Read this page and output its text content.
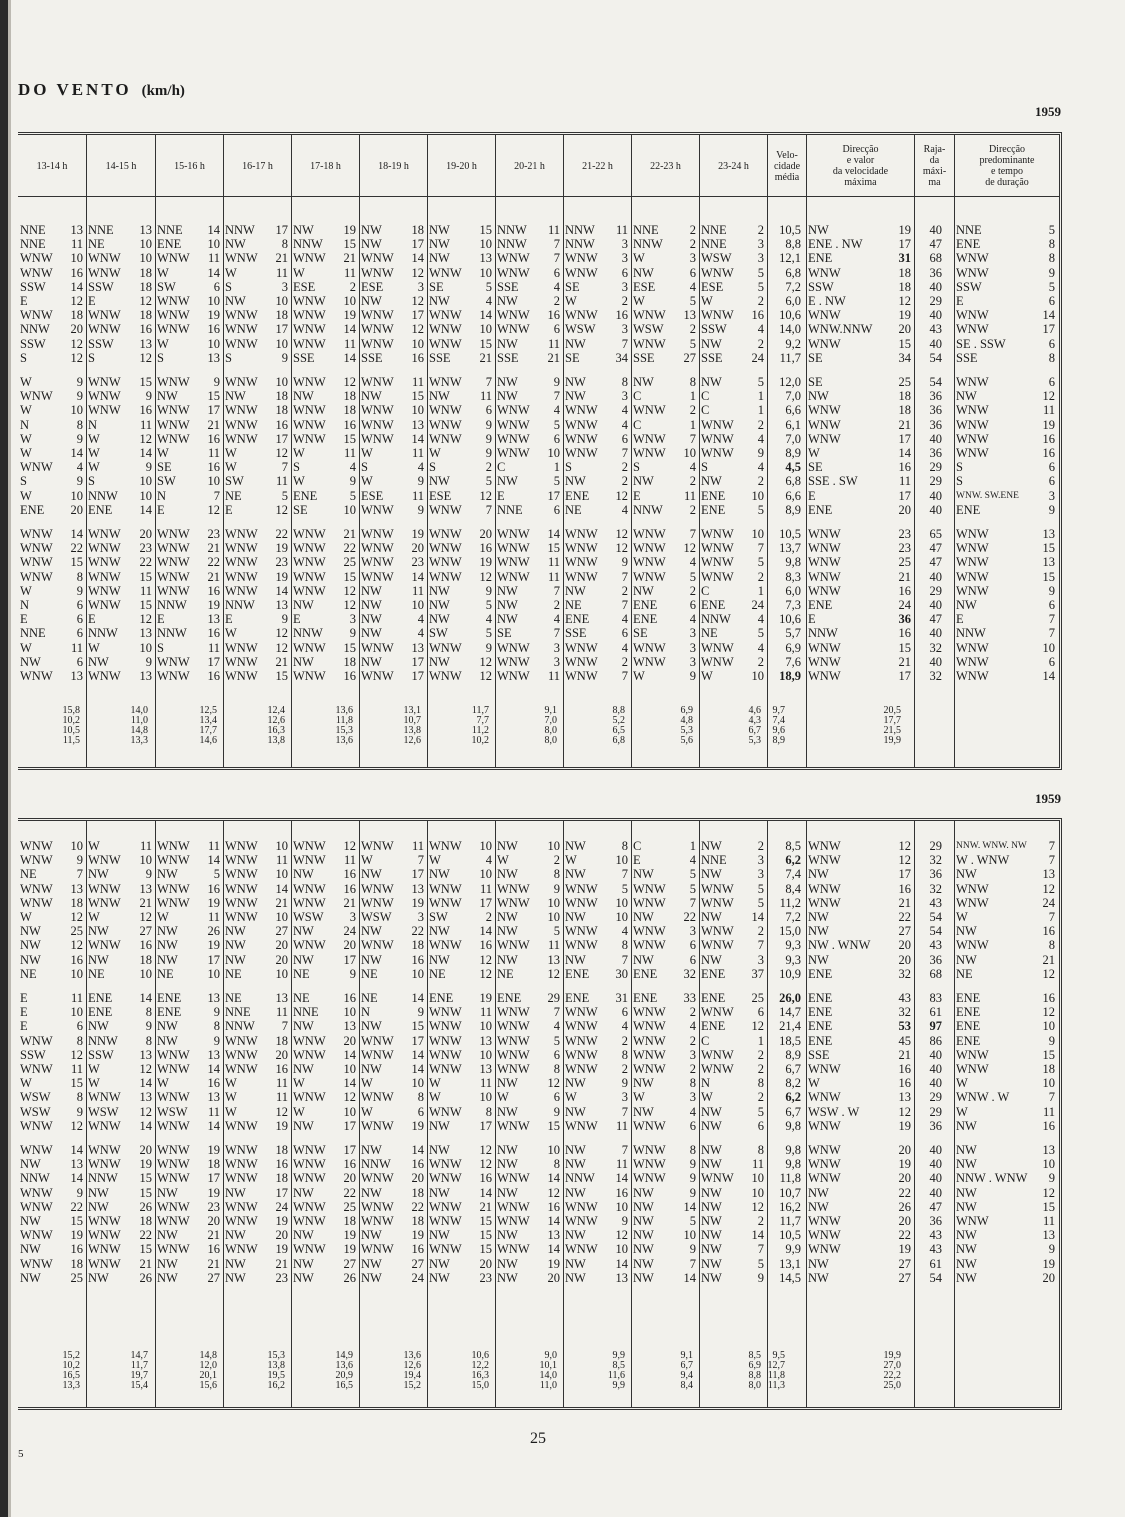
DO VENTO (km/h)
1959
1959
13-14 h	14-15 h	15-16 h	16-17 h	17-18 h	18-19 h	19-20 h	20-21 h	21-22 h	22-23 h	23-24 h
Velo-
cidade
média
Direcção
e valor
da velocidade
máxima
Raja-
da
máxi-
ma
Direcção
predominante
e tempo
de duração
NNE	13 NNE	13 NNE	14 NNW	17 NW	19 NW	18 NW	15 NNW	11 NNW	11 NNE	2 NNE	2	10,5 NW	19	40 NNE	5
NNE	11 NE	10 ENE	10 NW	8 NNW	15 NW	17 NW	10 NNW	7 NNW	3 NNW	2 NNE	3	8,8 ENE . NW	17	47 ENE	8
WNW	10 WNW	10 WNW	11 WNW	21 WNW	21 WNW	14 NW	13 WNW	7 WNW	3 W	3 WSW	3	12,1 ENE	31	68 WNW	8
WNW	16 WNW	18 W	14 W	11 W	11 WNW	12 WNW	10 WNW	6 WNW	6 NW	6 WNW	5	6,8 WNW	18	36 WNW	9
SSW	14 SSW	18 SW	6 S	3 ESE	2 ESE	3 SE	5 SSE	4 SE	3 ESE	4 ESE	5	7,2 SSW	18	40 SSW	5
E	12 E	12 WNW	10 NW	10 WNW	10 NW	12 NW	4 NW	2 W	2 W	5 W	2	6,0 E . NW	12	29 E	6
WNW	18 WNW	18 WNW	19 WNW	18 WNW	19 WNW	17 WNW	14 WNW	16 WNW	16 WNW	13 WNW	16	10,6 WNW	19	40 WNW	14
NNW	20 WNW	16 WNW	16 WNW	17 WNW	14 WNW	12 WNW	10 WNW	6 WSW	3 WSW	2 SSW	4	14,0 WNW.NNW	20	43 WNW	17
SSW	12 SSW	13 W	10 WNW	10 WNW	11 WNW	10 WNW	15 NW	11 NW	7 WNW	5 NW	2	9,2 WNW	15	40 SE . SSW	6
S	12 S	12 S	13 S	9 SSE	14 SSE	16 SSE	21 SSE	21 SE	34 SSE	27 SSE	24	11,7 SE	34	54 SSE	8
W	9 WNW	15 WNW	9 WNW	10 WNW	12 WNW	11 WNW	7 NW	9 NW	8 NW	8 NW	5	12,0 SE	25	54 WNW	6
WNW	9 WNW	9 NW	15 NW	18 NW	18 NW	15 NW	11 NW	7 NW	3 C	1 C	1	7,0 NW	18	36 NW	12
W	10 WNW	16 WNW	17 WNW	18 WNW	18 WNW	10 WNW	6 WNW	4 WNW	4 WNW	2 C	1	6,6 WNW	18	36 WNW	11
N	8 N	11 WNW	21 WNW	16 WNW	16 WNW	13 WNW	9 WNW	5 WNW	4 C	1 WNW	2	6,1 WNW	21	36 WNW	19
W	9 W	12 WNW	16 WNW	17 WNW	15 WNW	14 WNW	9 WNW	6 WNW	6 WNW	7 WNW	4	7,0 WNW	17	40 WNW	16
W	14 W	14 W	11 W	12 W	11 W	11 W	9 WNW	10 WNW	7 WNW	10 WNW	9	8,9 W	14	36 WNW	16
WNW	4 W	9 SE	16 W	7 S	4 S	4 S	2 C	1 S	2 S	4 S	4	4,5 SE	16	29 S	6
S	9 S	10 SW	10 SW	11 W	9 W	9 NW	5 NW	5 NW	2 NW	2 NW	2	6,8 SSE . SW	11	29 S	6
W	10 NNW	10 N	7 NE	5 ENE	5 ESE	11 ESE	12 E	17 ENE	12 E	11 ENE	10	6,6 E	17	40 WNW. SW.ENE	3
ENE	20 ENE	14 E	12 E	12 SE	10 WNW	9 WNW	7 NNE	6 NE	4 NNW	2 ENE	5	8,9 ENE	20	40 ENE	9
WNW	14 WNW	20 WNW	23 WNW	22 WNW	21 WNW	19 WNW	20 WNW	14 WNW	12 WNW	7 WNW	10	10,5 WNW	23	65 WNW	13
WNW	22 WNW	23 WNW	21 WNW	19 WNW	22 WNW	20 WNW	16 WNW	15 WNW	12 WNW	12 WNW	7	13,7 WNW	23	47 WNW	15
WNW	15 WNW	22 WNW	22 WNW	23 WNW	25 WNW	23 WNW	19 WNW	11 WNW	9 WNW	4 WNW	5	9,8 WNW	25	47 WNW	13
WNW	8 WNW	15 WNW	21 WNW	19 WNW	15 WNW	14 WNW	12 WNW	11 WNW	7 WNW	5 WNW	2	8,3 WNW	21	40 WNW	15
W	9 WNW	11 WNW	16 WNW	14 WNW	12 NW	11 NW	9 NW	7 NW	2 NW	2 C	1	6,0 WNW	16	29 WNW	9
N	6 WNW	15 NNW	19 NNW	13 NW	12 NW	10 NW	5 NW	2 NE	7 ENE	6 ENE	24	7,3 ENE	24	40 NW	6
E	6 E	12 E	13 E	9 E	3 NW	4 NW	4 NW	4 ENE	4 ENE	4 NNW	4	10,6 E	36	47 E	7
NNE	6 NNW	13 NNW	16 W	12 NNW	9 NW	4 SW	5 SE	7 SSE	6 SE	3 NE	5	5,7 NNW	16	40 NNW	7
W	11 W	10 S	11 WNW	12 WNW	15 WNW	13 WNW	9 WNW	3 WNW	4 WNW	3 WNW	4	6,9 WNW	15	32 WNW	10
NW	6 NW	9 WNW	17 WNW	21 NW	18 NW	17 NW	12 WNW	3 WNW	2 WNW	3 WNW	2	7,6 WNW	21	40 WNW	6
WNW	13 WNW	13 WNW	16 WNW	15 WNW	16 WNW	17 WNW	12 WNW	11 WNW	7 W	9 W	10	18,9 WNW	17	32 WNW	14
15,8	14,0	12,5	12,4	13,6	13,1	11,7	9,1	8,8	6,9	4,6	9,7	20,5
10,2	11,0	13,4	12,6	11,8	10,7	7,7	7,0	5,2	4,8	4,3	7,4	17,7
10,5	14,8	17,7	16,3	15,3	13,8	11,2	8,0	6,5	5,3	6,7	9,6	21,5
11,5	13,3	14,6	13,8	13,6	12,6	10,2	8,0	6,8	5,6	5,3	8,9	19,9
WNW	10 W	11 WNW	11 WNW	10 WNW	12 WNW	11 WNW	10 NW	10 NW	8 C	1 NW	2	8,5 WNW	12	29 NNW. WNW. NW	7
WNW	9 WNW	10 WNW	14 WNW	11 WNW	11 W	7 W	4 W	2 W	10 E	4 NNE	3	6,2 WNW	12	32 W . WNW	7
NE	7 NW	9 NW	5 WNW	10 NW	16 NW	17 NW	10 NW	8 NW	7 NW	5 NW	3	7,4 NW	17	36 NW	13
WNW	13 WNW	13 WNW	16 WNW	14 WNW	16 WNW	13 WNW	11 WNW	9 WNW	5 WNW	5 WNW	5	8,4 WNW	16	32 WNW	12
WNW	18 WNW	21 WNW	19 WNW	21 WNW	21 WNW	19 WNW	17 WNW	10 WNW	10 WNW	7 WNW	5	11,2 WNW	21	43 WNW	24
W	12 W	12 W	11 WNW	10 WSW	3 WSW	3 SW	2 NW	10 NW	10 NW	22 NW	14	7,2 NW	22	54 W	7
NW	25 NW	27 NW	26 NW	27 NW	24 NW	22 NW	14 NW	5 WNW	4 WNW	3 WNW	2	15,0 NW	27	54 NW	16
NW	12 WNW	16 NW	19 NW	20 WNW	20 WNW	18 WNW	16 WNW	11 WNW	8 WNW	6 WNW	7	9,3 NW . WNW	20	43 WNW	8
NW	16 NW	18 NW	17 NW	20 NW	17 NW	16 NW	12 NW	13 NW	7 NW	6 NW	3	9,3 NW	20	36 NW	21
NE	10 NE	10 NE	10 NE	10 NE	9 NE	10 NE	12 NE	12 ENE	30 ENE	32 ENE	37	10,9 ENE	32	68 NE	12
E	11 ENE	14 ENE	13 NE	13 NE	16 NE	14 ENE	19 ENE	29 ENE	31 ENE	33 ENE	25	26,0 ENE	43	83 ENE	16
E	10 ENE	8 ENE	9 NNE	11 NNE	10 N	9 WNW	11 WNW	7 WNW	6 WNW	2 WNW	6	14,7 ENE	32	61 ENE	12
E	6 NW	9 NW	8 NNW	7 NW	13 NW	15 WNW	10 WNW	4 WNW	4 WNW	4 ENE	12	21,4 ENE	53	97 ENE	10
WNW	8 NNW	8 NW	9 WNW	18 WNW	20 WNW	17 WNW	13 WNW	5 WNW	2 WNW	2 C	1	18,5 ENE	45	86 ENE	9
SSW	12 SSW	13 WNW	13 WNW	20 WNW	14 WNW	14 WNW	10 WNW	6 WNW	8 WNW	3 WNW	2	8,9 SSE	21	40 WNW	15
WNW	11 W	12 WNW	14 WNW	16 NW	10 NW	14 WNW	13 WNW	8 WNW	2 WNW	2 WNW	2	6,7 WNW	16	40 WNW	18
W	15 W	14 W	16 W	11 W	14 W	10 W	11 NW	12 NW	9 NW	8 N	8	8,2 W	16	40 W	10
WSW	8 WNW	13 WNW	13 W	11 WNW	12 WNW	8 W	10 W	6 W	3 W	3 W	2	6,2 WNW	13	29 WNW . W	7
WSW	9 WSW	12 WSW	11 W	12 W	10 W	6 WNW	8 NW	9 NW	7 NW	4 NW	5	6,7 WSW . W	12	29 W	11
WNW	12 WNW	14 WNW	14 WNW	19 NW	17 WNW	19 NW	17 WNW	15 WNW	11 WNW	6 NW	6	9,8 WNW	19	36 NW	16
WNW	14 WNW	20 WNW	19 WNW	18 WNW	17 NW	14 NW	12 NW	10 NW	7 WNW	8 NW	8	9,8 WNW	20	40 NW	13
NW	13 WNW	19 WNW	18 WNW	16 WNW	16 NNW	16 WNW	12 NW	8 NW	11 WNW	9 NW	11	9,8 WNW	19	40 NW	10
NNW	14 NNW	15 WNW	17 WNW	18 WNW	20 WNW	20 WNW	16 WNW	14 NNW	14 WNW	9 WNW	10	11,8 WNW	20	40 NNW . WNW	9
WNW	9 NW	15 NW	19 NW	17 NW	22 NW	18 NW	14 NW	12 NW	16 NW	9 NW	10	10,7 NW	22	40 NW	12
WNW	22 NW	26 WNW	23 WNW	24 WNW	25 WNW	22 WNW	21 WNW	16 WNW	10 NW	14 NW	12	16,2 NW	26	47 NW	15
NW	15 WNW	18 WNW	20 WNW	19 WNW	18 WNW	18 WNW	15 WNW	14 WNW	9 NW	5 NW	2	11,7 WNW	20	36 WNW	11
WNW	19 WNW	22 NW	21 NW	20 NW	19 NW	19 NW	15 NW	13 NW	12 NW	10 NW	14	10,5 WNW	22	43 NW	13
NW	16 WNW	15 WNW	16 WNW	19 WNW	19 WNW	16 WNW	15 WNW	14 WNW	10 NW	9 NW	7	9,9 WNW	19	43 NW	9
WNW	18 WNW	21 NW	21 NW	21 NW	27 NW	27 NW	20 NW	19 NW	14 NW	7 NW	5	13,1 NW	27	61 NW	19
NW	25 NW	26 NW	27 NW	23 NW	26 NW	24 NW	23 NW	20 NW	13 NW	14 NW	9	14,5 NW	27	54 NW	20
15,2	14,7	14,8	15,3	14,9	13,6	10,6	9,0	9,9	9,1	8,5	9,5	19,9
10,2	11,7	12,0	13,8	13,6	12,6	12,2	10,1	8,5	6,7	6,9 12,7	27,0
16,5	19,7	20,1	19,5	20,9	19,4	16,3	14,0	11,6	9,4	8,8 11,8	22,2
13,3	15,4	15,6	16,2	16,5	15,2	15,0	11,0	9,9	8,4	8,0 11,3	25,0
25
5
